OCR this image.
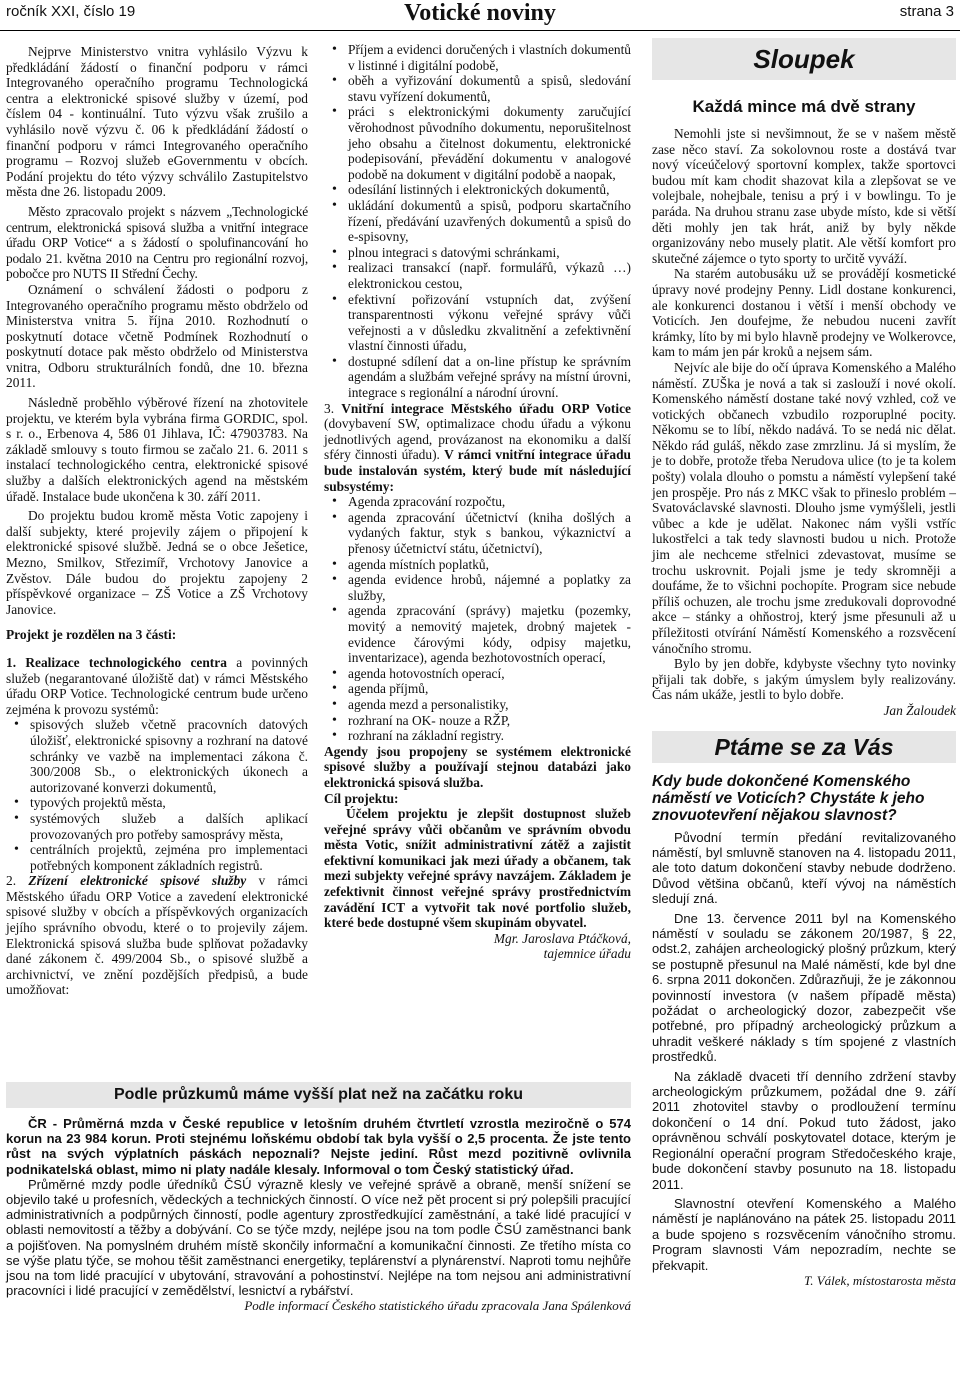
ročník XXI, číslo 19	Votické noviny	strana 3

Nejprve Ministerstvo vnitra vyhlásilo Výzvu k předkládání žádostí o finanční podporu v rámci Integrovaného operačního programu Technologická centra a elektronické spisové služby v území, pod číslem 04 - kontinuální. Tuto výzvu však zrušilo a vyhlásilo nově výzvu č. 06 k předkládání žádostí o finanční podporu v rámci Integrovaného operačního programu – Rozvoj služeb eGovernmentu v obcích. Podání projektu do této výzvy schválilo Zastupitelstvo města dne 26. listopadu 2009.

Město zpracovalo projekt s názvem „Technologické centrum, elektronická spisová služba a vnitřní integrace úřadu ORP Votice“ a s žádostí o spolufinancování ho podalo 21. května 2010 na Centru pro regionální rozvoj, pobočce pro NUTS II Střední Čechy.

Oznámení o schválení žádosti o podporu z Integrovaného operačního programu město obdrželo od Ministerstva vnitra 5. října 2010. Rozhodnutí o poskytnutí dotace včetně Podmínek Rozhodnutí o poskytnutí dotace pak město obdrželo od Ministerstva vnitra, Odboru strukturálních fondů, dne 10. března 2011.

Následně proběhlo výběrové řízení na zhotovitele projektu, ve kterém byla vybrána firma GORDIC, spol. s r. o., Erbenova 4, 586 01 Jihlava, IČ: 47903783. Na základě smlouvy s touto firmou se začalo 21. 6. 2011 s instalací technologického centra, elektronické spisové služby a dalších elektronických agend na městském úřadě. Instalace bude ukončena k 30. září 2011.

Do projektu budou kromě města Votic zapojeny i další subjekty, které projevily zájem o připojení k elektronické spisové službě. Jedná se o obce Ješetice, Mezno, Smilkov, Střezimíř, Vrchotovy Janovice a Zvěstov. Dále budou do projektu zapojeny 2 příspěvkové organizace – ZŠ Votice a ZŠ Vrchotovy Janovice.

Projekt je rozdělen na 3 části:

1. Realizace technologického centra a povinných služeb (negarantované úložiště dat) v rámci Městského úřadu ORP Votice. Technologické centrum bude určeno zejména k provozu systémů:

• spisových služeb včetně pracovních datových úložišť, elektronické spisovny a rozhraní na datové schránky ve vazbě na implementaci zákona č. 300/2008 Sb., o elektronických úkonech a autorizované konverzi dokumentů,
• typových projektů města,
• systémových služeb a dalších aplikací provozovaných pro potřeby samosprávy města,
• centrálních projektů, zejména pro implementaci potřebných komponent základních registrů.

2. Zřízení elektronické spisové služby v rámci Městského úřadu ORP Votice a zavedení elektronické spisové služby v obcích a příspěvkových organizacích jejího správního obvodu, které o to projevily zájem. Elektronická spisová služba bude splňovat požadavky dané zákonem č. 499/2004 Sb., o spisové službě a archivnictví, ve znění pozdějších předpisů, a bude umožňovat:

• Příjem a evidenci doručených i vlastních dokumentů v listinné i digitální podobě,
• oběh a vyřizování dokumentů a spisů, sledování stavu vyřízení dokumentů,
• práci s elektronickými dokumenty zaručující věrohodnost původního dokumentu, neporušitelnost jeho obsahu a čitelnost dokumentu, elektronické podepisování, převádění dokumentu v analogové podobě na dokument v digitální podobě a naopak,
• odesílání listinných i elektronických dokumentů,
• ukládání dokumentů a spisů, podporu skartačního řízení, předávání uzavřených dokumentů a spisů do e-spisovny,
• plnou integraci s datovými schránkami,
• realizaci transakcí (např. formulářů, výkazů …) elektronickou cestou,
• efektivní pořizování vstupních dat, zvýšení transparentnosti výkonu veřejné správy vůči veřejnosti a v důsledku zkvalitnění a zefektivnění vlastní činnosti úřadu,
• dostupné sdílení dat a on-line přístup ke správním agendám a službám veřejné správy na místní úrovni, integrace s regionální a národní úrovní.

3. Vnitřní integrace Městského úřadu ORP Votice (dovybavení SW, optimalizace chodu úřadu a výkonu jednotlivých agend, provázanost na ekonomiku a další sféry činnosti úřadu). V rámci vnitřní integrace úřadu bude instalován systém, který bude mít následující subsystémy:

• Agenda zpracování rozpočtu,
• agenda zpracování účetnictví (kniha došlých a vydaných faktur, styk s bankou, výkaznictví a přenosy účetnictví státu, účetnictví),
• agenda místních poplatků,
• agenda evidence hrobů, nájemné a poplatky za služby,
• agenda zpracování (správy) majetku (pozemky, movitý a nemovitý majetek, drobný majetek - evidence čárovými kódy, odpisy majetku, inventarizace), agenda bezhotovostních operací,
• agenda hotovostních operací,
• agenda příjmů,
• agenda mezd a personalistiky,
• rozhraní na OK- nouze a RŽP,
• rozhraní na základní registry.

Agendy jsou propojeny se systémem elektronické spisové služby a používají stejnou databázi jako elektronická spisová služba.

Cíl projektu:

Účelem projektu je zlepšit dostupnost služeb veřejné správy vůči občanům ve správním obvodu města Votic, snížit administrativní zátěž a zajistit efektivní komunikaci jak mezi úřady a občanem, tak mezi subjekty veřejné správy navzájem. Základem je zefektivnit činnost veřejné správy prostřednictvím zavádění ICT a vytvořit tak nové portfolio služeb, které bede dostupné všem skupinám obyvatel.

Mgr. Jaroslava Ptáčková,

tajemnice úřadu

Sloupek
Každá mince má dvě strany

Nemohli jste si nevšimnout, že se v našem městě zase něco staví. Za sokolovnou roste a dostává tvar nový víceúčelový sportovní komplex, takže sportovci budou mít kam chodit shazovat kila a zlepšovat se ve volejbale, nohejbale, tenisu a prý i v bowlingu. To je paráda. Na druhou stranu zase ubyde místo, kde si větší děti mohly jen tak hrát, aniž by byly někde organizovány nebo musely platit. Ale větší komfort pro skutečné zájemce o tyto sporty to určitě vyváží.

Na starém autobusáku už se provádějí kosmetické úpravy nové prodejny Penny. Lidl dostane konkurenci, ale konkurenci dostanou i větší i menší obchody ve Voticích. Jen doufejme, že nebudou nuceni zavřít krámky, líto by mi bylo hlavně prodejny ve Wolkerovce, kam to mám jen pár kroků a nejsem sám.

Nejvíc ale bije do očí úprava Komenského a Malého náměstí. ZUŠka je nová a tak si zaslouží i nové okolí. Komenského náměstí dostane také nový vzhled, což ve votických občanech vzbudilo rozporuplné pocity. Někomu se to líbí, někdo nadává. To se nedá nic dělat. Někdo rád guláš, někdo zase zmrzlinu. Já si myslím, že je to dobře, protože třeba Nerudova ulice (to je ta kolem pošty) volala dlouho o pomstu a náměstí vylepšení také jen prospěje. Pro nás z MKC však to přineslo problém – Svatováclavské slavnosti. Dlouho jsme vymýšleli, jestli vůbec a kde je udělat. Nakonec nám vyšli vstříc lukostřelci a tak tedy slavnosti budou u nich. Protože jim ale nechceme střelnici zdevastovat, musíme se trochu uskrovnit. Pojali jsme je tedy skromněji a doufáme, že to všichni pochopíte. Program sice nebude příliš ochuzen, ale trochu jsme zredukovali doprovodné akce – stánky a ohňostroj, který jsme přesunuli až u příležitosti otvírání Náměstí Komenského a rozsvěcení vánočního stromu.

Bylo by jen dobře, kdybyste všechny tyto novinky přijali tak dobře, s jakým úmyslem byly realizovány. Čas nám ukáže, jestli to bylo dobře.

Jan Žaloudek

Ptáme se za Vás
Kdy bude dokončené Komenského náměstí ve Voticích? Chystáte k jeho znovuotevření nějakou slavnost?

Původní termín předání revitalizovaného náměstí, byl smluvně stanoven na 4. listopadu 2011, ale toto datum dokončení stavby nebude dodrženo. Důvod většina občanů, kteří vývoj na náměstích sledují zná.

Dne 13. července 2011 byl na Komenského náměstí v souladu se zákonem 20/1987, § 22, odst.2, zahájen archeologický plošný průzkum, který se postupně přesunul na Malé náměstí, kde byl dne 6. srpna 2011 dokončen. Zdůrazňuji, že je zákonnou povinností investora (v našem případě města) požádat o archeologický dozor, zabezpečit vše potřebné, pro případný archeologický průzkum a uhradit veškeré náklady s tím spojené z vlastních prostředků.

Na základě dvaceti tří denního zdržení stavby archeologickým průzkumem, požádal dne 9. září 2011 zhotovitel stavby o prodloužení termínu dokončení o 14 dní. Pokud tuto žádost, jako oprávněnou schválí poskytovatel dotace, kterým je Regionální operační program Středočeského kraje, bude dokončení stavby posunuto na 18. listopadu 2011.

Slavnostní otevření Komenského a Malého náměstí je naplánováno na pátek 25. listopadu 2011 a bude spojeno s rozsvěcením vánočního stromu. Program slavnosti Vám nepozradím, nechte se překvapit.

T. Válek, místostarosta města

Podle průzkumů máme vyšší plat než na začátku roku

ČR - Průměrná mzda v České republice v letošním druhém čtvrtletí vzrostla meziročně o 574 korun na 23 984 korun. Proti stejnému loňskému období tak byla vyšší o 2,5 procenta. Že jste tento růst na svých výplatních páskách nepoznali? Nejste jediní. Růst mezd pozitivně ovlivnila podnikatelská oblast, mimo ni platy nadále klesaly. Informoval o tom Český statistický úřad.

Průměrné mzdy podle úředníků ČSÚ výrazně klesly ve veřejné správě a obraně, menší snížení se objevilo také u profesních, vědeckých a technických činností. O více než pět procent si prý polepšili pracující administrativních a podpůrných činností, podle agentury zprostředkující zaměstnání, a také lidé pracující v oblasti nemovitostí a těžby a dobývání. Co se týče mzdy, nejlépe jsou na tom podle ČSÚ zaměstnanci bank a pojišťoven. Na pomyslném druhém místě skončily informační a komunikační činnosti. Ze třetího místa co se výše platu týče, se mohou těšit zaměstnanci energetiky, teplárenství a plynárenství. Naproti tomu nejhůře jsou na tom lidé pracující v ubytování, stravování a pohostinství. Nejlépe na tom nejsou ani administrativní pracovníci i lidé pracující v zemědělství, lesnictví a rybářství.

Podle informací Českého statistického úřadu zpracovala Jana Spálenková
